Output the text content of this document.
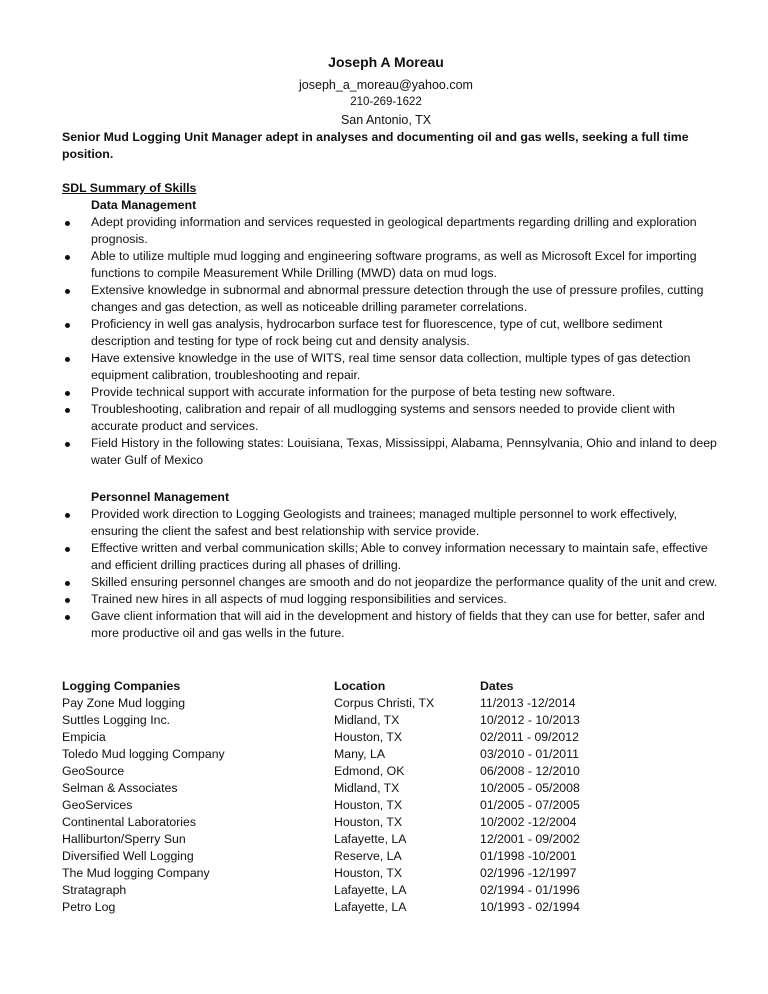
Joseph A Moreau
joseph_a_moreau@yahoo.com
210-269-1622
San Antonio, TX
Senior Mud Logging Unit Manager adept in analyses and documenting oil and gas wells, seeking a full time position.
SDL Summary of Skills
Data Management
Adept providing information and services requested in geological departments regarding drilling and exploration prognosis.
Able to utilize multiple mud logging and engineering software programs, as well as Microsoft Excel for importing functions to compile Measurement While Drilling (MWD) data on mud logs.
Extensive knowledge in subnormal and abnormal pressure detection through the use of pressure profiles, cutting changes and gas detection, as well as noticeable drilling parameter correlations.
Proficiency in well gas analysis, hydrocarbon surface test for fluorescence, type of cut, wellbore sediment description and testing for type of rock being cut and density analysis.
Have extensive knowledge in the use of WITS, real time sensor data collection, multiple types of gas detection equipment calibration, troubleshooting and repair.
Provide technical support with accurate information for the purpose of beta testing new software.
Troubleshooting, calibration and repair of all mudlogging systems and sensors needed to provide client with accurate product and services.
Field History in the following states: Louisiana, Texas, Mississippi, Alabama, Pennsylvania, Ohio and inland to deep water Gulf of Mexico
Personnel Management
Provided work direction to Logging Geologists and trainees; managed multiple personnel to work effectively, ensuring the client the safest and best relationship with service provide.
Effective written and verbal communication skills; Able to convey information necessary to maintain safe, effective and efficient drilling practices during all phases of drilling.
Skilled ensuring personnel changes are smooth and do not jeopardize the performance quality of the unit and crew.
Trained new hires in all aspects of mud logging responsibilities and services.
Gave client information that will aid in the development and history of fields that they can use for better, safer and more productive oil and gas wells in the future.
Logging Companies	Location	Dates
Pay Zone Mud logging	Corpus Christi, TX	11/2013 -12/2014
Suttles Logging Inc.	Midland, TX	10/2012 - 10/2013
Empicia	Houston, TX	02/2011 - 09/2012
Toledo Mud logging Company	Many, LA	03/2010 - 01/2011
GeoSource	Edmond, OK	06/2008 - 12/2010
Selman & Associates	Midland, TX	10/2005 - 05/2008
GeoServices	Houston, TX	01/2005 - 07/2005
Continental Laboratories	Houston, TX	10/2002 -12/2004
Halliburton/Sperry Sun	Lafayette, LA	12/2001 - 09/2002
Diversified Well Logging	Reserve, LA	01/1998 -10/2001
The Mud logging Company	Houston, TX	02/1996 -12/1997
Stratagraph	Lafayette, LA	02/1994 - 01/1996
Petro Log	Lafayette, LA	10/1993 - 02/1994
